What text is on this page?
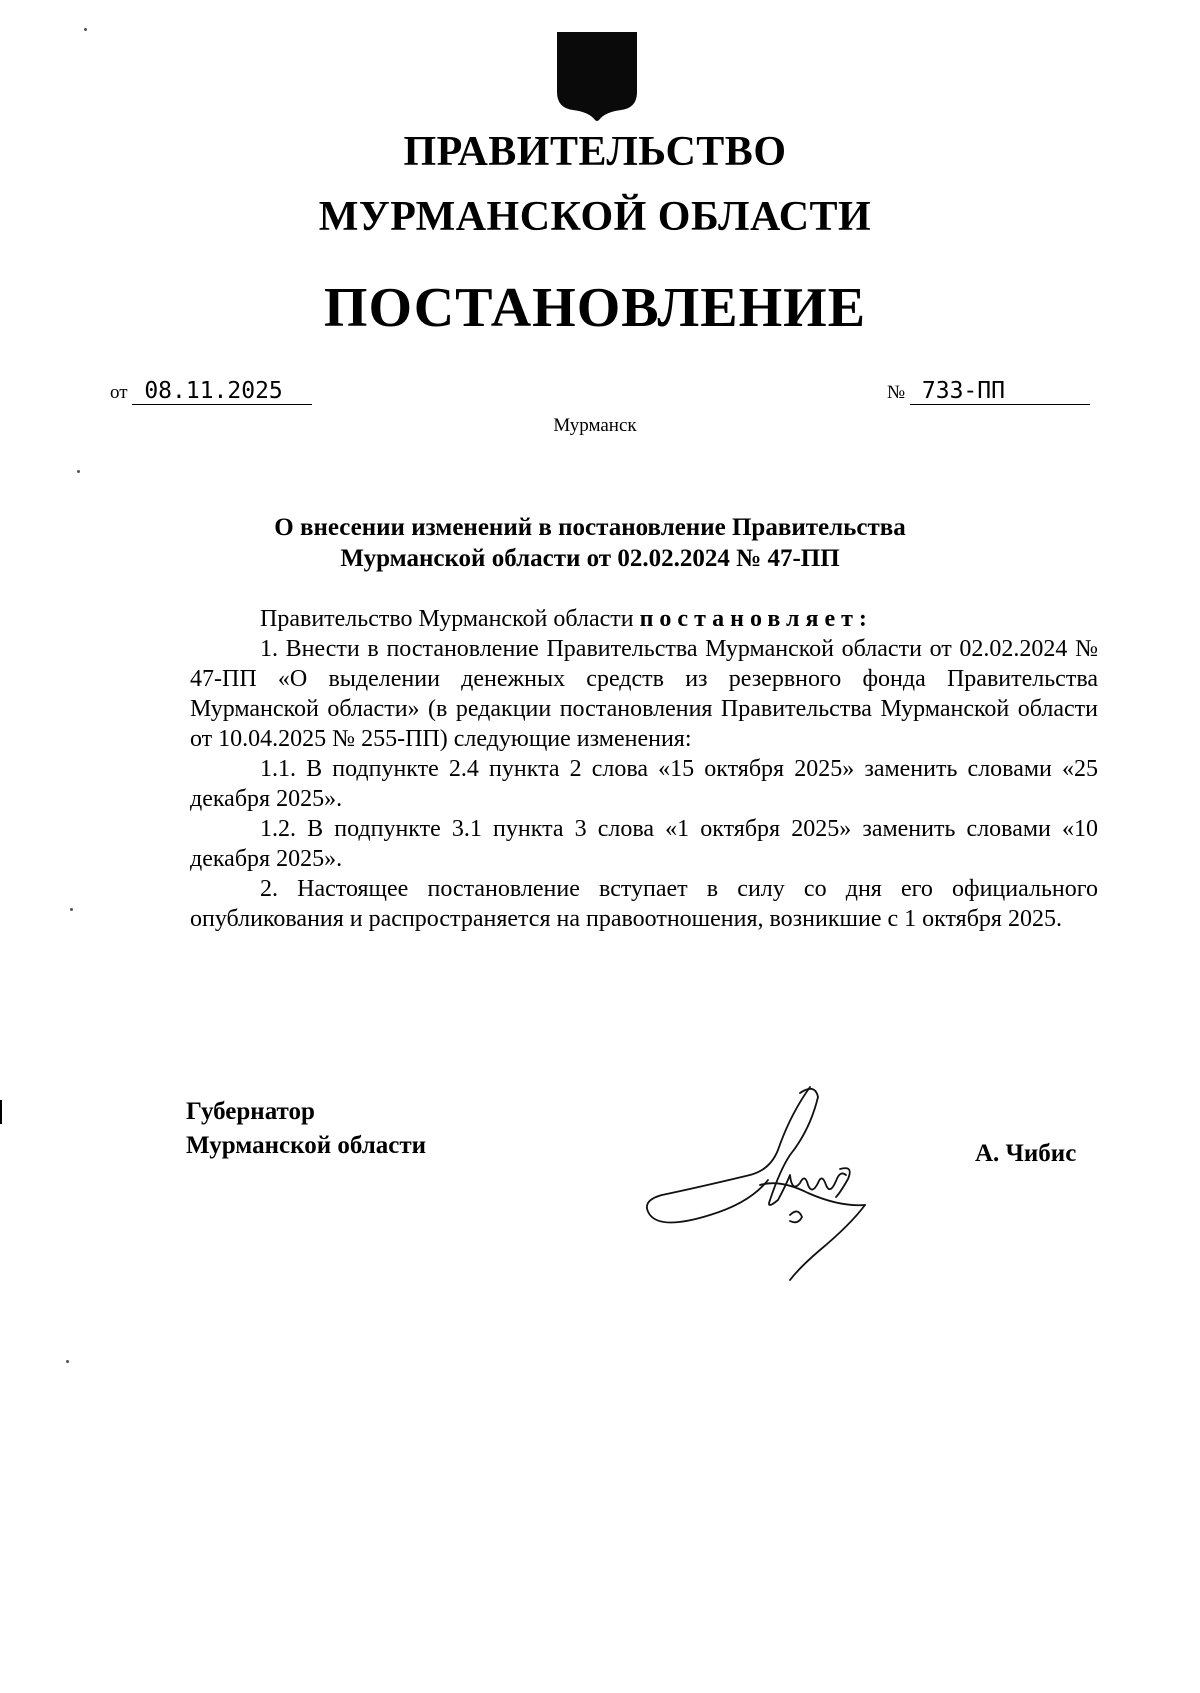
ПРАВИТЕЛЬСТВО
МУРМАНСКОЙ ОБЛАСТИ
ПОСТАНОВЛЕНИЕ
от 08.11.2025	№ 733-ПП
Мурманск
О внесении изменений в постановление Правительства
Мурманской области от 02.02.2024 № 47-ПП

Правительство Мурманской области постановляет:

1. Внести в постановление Правительства Мурманской области от 02.02.2024 № 47-ПП «О выделении денежных средств из резервного фонда Правительства Мурманской области» (в редакции постановления Правительства Мурманской области от 10.04.2025 № 255-ПП) следующие изменения:

1.1. В подпункте 2.4 пункта 2 слова «15 октября 2025» заменить словами «25 декабря 2025».

1.2. В подпункте 3.1 пункта 3 слова «1 октября 2025» заменить словами «10 декабря 2025».

2. Настоящее постановление вступает в силу со дня его официального опубликования и распространяется на правоотношения, возникшие с 1 октября 2025.

Губернатор
Мурманской области	А. Чибис
